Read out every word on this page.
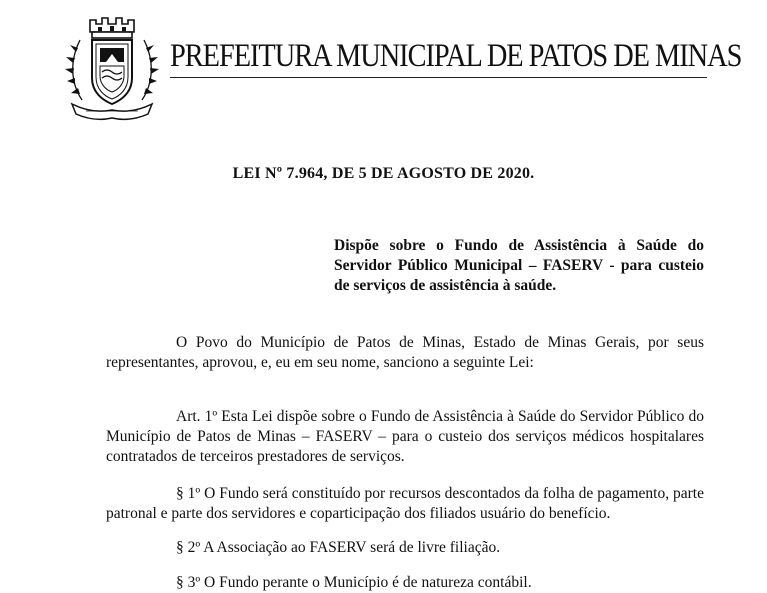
PREFEITURA MUNICIPAL DE PATOS DE MINAS
LEI Nº 7.964, DE 5 DE AGOSTO DE 2020.
Dispõe sobre o Fundo de Assistência à Saúde do Servidor Público Municipal – FASERV - para custeio de serviços de assistência à saúde.
O Povo do Município de Patos de Minas, Estado de Minas Gerais, por seus representantes, aprovou, e, eu em seu nome, sanciono a seguinte Lei:
Art. 1º Esta Lei dispõe sobre o Fundo de Assistência à Saúde do Servidor Público do Município de Patos de Minas – FASERV – para o custeio dos serviços médicos hospitalares contratados de terceiros prestadores de serviços.
§ 1º O Fundo será constituído por recursos descontados da folha de pagamento, parte patronal e parte dos servidores e coparticipação dos filiados usuário do benefício.
§ 2º A Associação ao FASERV será de livre filiação.
§ 3º O Fundo perante o Município é de natureza contábil.
